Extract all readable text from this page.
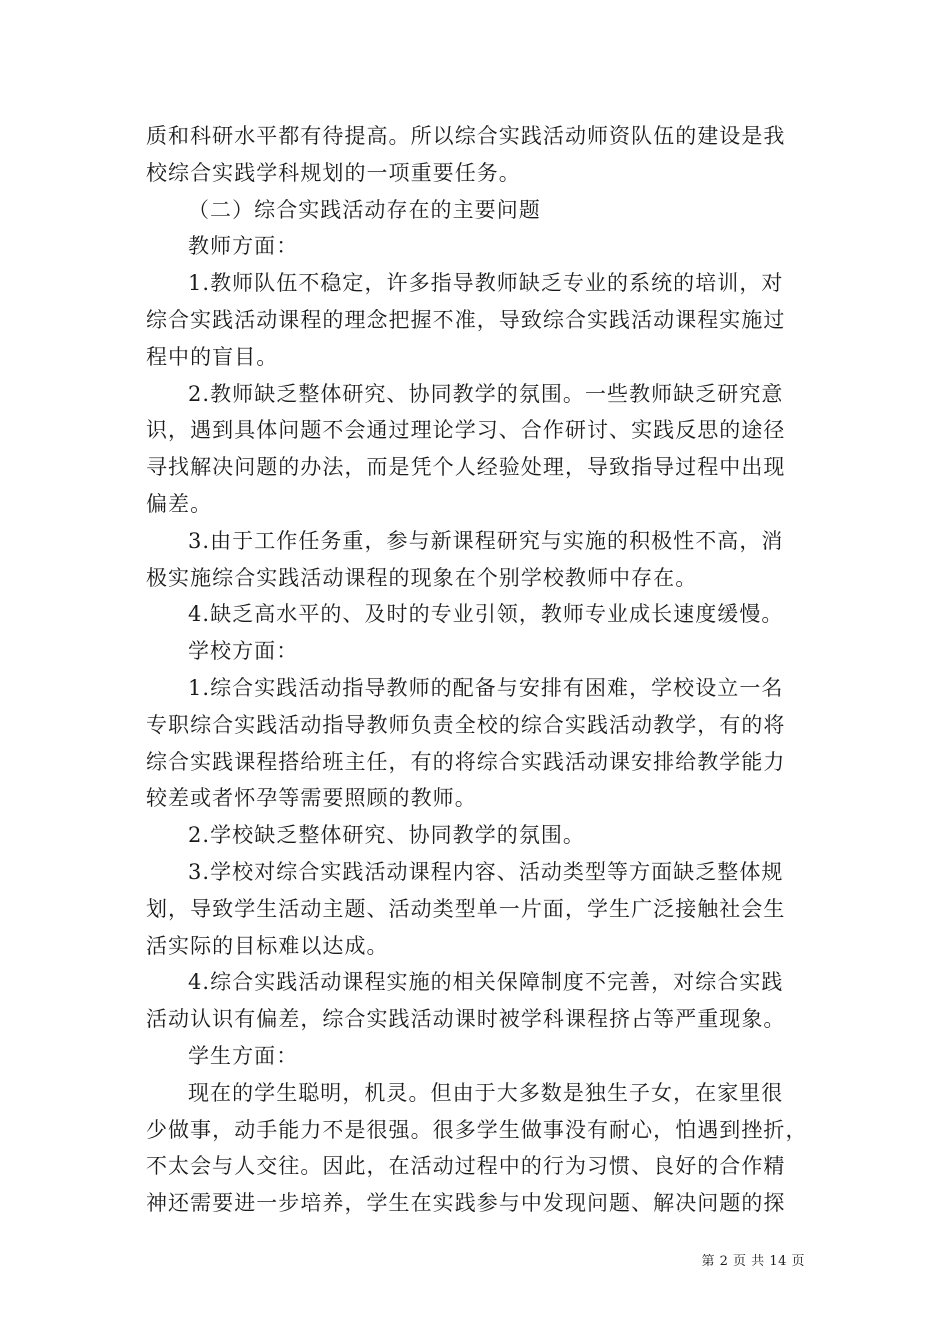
质和科研水平都有待提高。所以综合实践活动师资队伍的建设是我
校综合实践学科规划的一项重要任务。
（二）综合实践活动存在的主要问题
教师方面：
1.教师队伍不稳定，许多指导教师缺乏专业的系统的培训，对
综合实践活动课程的理念把握不准，导致综合实践活动课程实施过
程中的盲目。
2.教师缺乏整体研究、协同教学的氛围。一些教师缺乏研究意
识，遇到具体问题不会通过理论学习、合作研讨、实践反思的途径
寻找解决问题的办法，而是凭个人经验处理，导致指导过程中出现
偏差。
3.由于工作任务重，参与新课程研究与实施的积极性不高，消
极实施综合实践活动课程的现象在个别学校教师中存在。
4.缺乏高水平的、及时的专业引领，教师专业成长速度缓慢。
学校方面：
1.综合实践活动指导教师的配备与安排有困难，学校设立一名
专职综合实践活动指导教师负责全校的综合实践活动教学，有的将
综合实践课程搭给班主任，有的将综合实践活动课安排给教学能力
较差或者怀孕等需要照顾的教师。
2.学校缺乏整体研究、协同教学的氛围。
3.学校对综合实践活动课程内容、活动类型等方面缺乏整体规
划，导致学生活动主题、活动类型单一片面，学生广泛接触社会生
活实际的目标难以达成。
4.综合实践活动课程实施的相关保障制度不完善，对综合实践
活动认识有偏差，综合实践活动课时被学科课程挤占等严重现象。
学生方面：
现在的学生聪明，机灵。但由于大多数是独生子女，在家里很
少做事，动手能力不是很强。很多学生做事没有耐心，怕遇到挫折，
不太会与人交往。因此，在活动过程中的行为习惯、良好的合作精
神还需要进一步培养，学生在实践参与中发现问题、解决问题的探
第 2 页 共 14 页
